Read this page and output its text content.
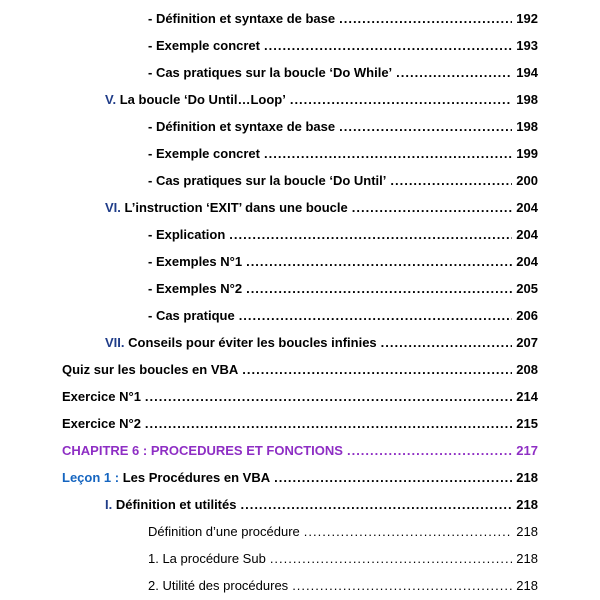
- Définition et syntaxe de base .....	192
- Exemple concret .....	193
- Cas pratiques sur la boucle ‘Do While’ .....	194
V. La boucle ‘Do Until…Loop’ .....	198
- Définition et syntaxe de base .....	198
- Exemple concret .....	199
- Cas pratiques sur la boucle ‘Do Until’ .....	200
VI. L’instruction ‘EXIT’ dans une boucle .....	204
- Explication .....	204
- Exemples N°1 .....	204
- Exemples N°2 .....	205
- Cas pratique .....	206
VII. Conseils pour éviter les boucles infinies .....	207
Quiz sur les boucles en VBA .....	208
Exercice N°1 .....	214
Exercice N°2 .....	215
CHAPITRE 6 : PROCEDURES ET FONCTIONS .....	217
Leçon 1 : Les Procédures en VBA .....	218
I. Définition et utilités .....	218
Définition d’une procédure .....	218
1. La procédure Sub .....	218
2. Utilité des procédures .....	218
